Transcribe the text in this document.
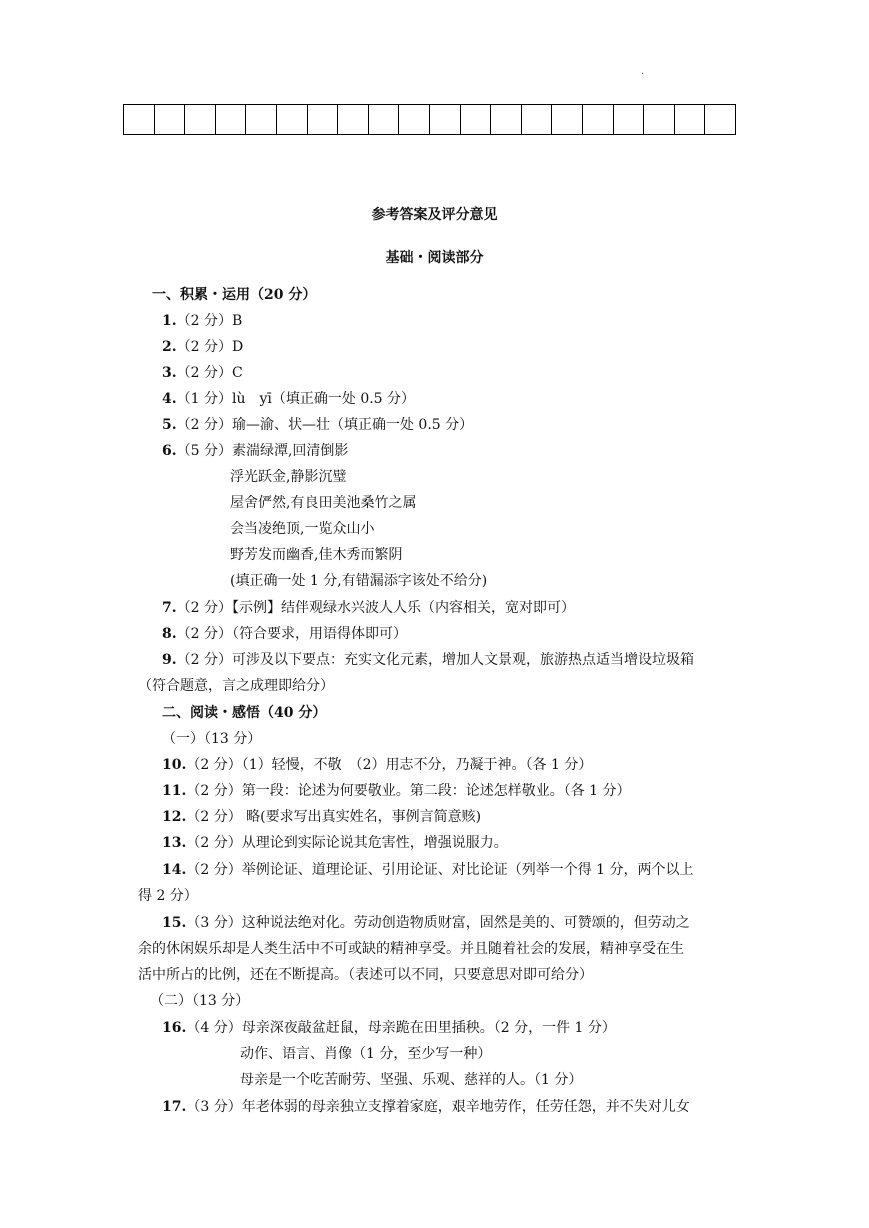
.
参考答案及评分意见
基础・阅读部分
一、积累・运用（20 分）
1.（2 分）B
2.（2 分）D
3.（2 分）C
4.（1 分）lù　yī（填正确一处 0.5 分）
5.（2 分）瑜—渝、状—壮（填正确一处 0.5 分）
6.（5 分）素湍绿潭,回清倒影
浮光跃金,静影沉璧
屋舍俨然,有良田美池桑竹之属
会当凌绝顶,一览众山小
野芳发而幽香,佳木秀而繁阴
(填正确一处 1 分,有错漏添字该处不给分)
7.（2 分）【示例】结伴观绿水兴波人人乐（内容相关，宽对即可）
8.（2 分）（符合要求，用语得体即可）
9.（2 分）可涉及以下要点：充实文化元素，增加人文景观，旅游热点适当增设垃圾箱
（符合题意，言之成理即给分）
二、阅读・感悟（40 分）
（一）（13 分）
10.（2 分）（1）轻慢，不敬　（2）用志不分，乃凝于神。（各 1 分）
11.（2 分）第一段：论述为何要敬业。第二段：论述怎样敬业。（各 1 分）
12.（2 分） 略(要求写出真实姓名，事例言简意赅)
13.（2 分）从理论到实际论说其危害性，增强说服力。
14.（2 分）举例论证、道理论证、引用论证、对比论证（列举一个得 1 分，两个以上
得 2 分）
15.（3 分）这种说法绝对化。劳动创造物质财富，固然是美的、可赞颂的，但劳动之
余的休闲娱乐却是人类生活中不可或缺的精神享受。并且随着社会的发展，精神享受在生
活中所占的比例，还在不断提高。（表述可以不同，只要意思对即可给分）
（二）（13 分）
16.（4 分）母亲深夜敲盆赶鼠，母亲跪在田里插秧。（2 分，一件 1 分）
动作、语言、肖像（1 分，至少写一种）
母亲是一个吃苦耐劳、坚强、乐观、慈祥的人。（1 分）
17.（3 分）年老体弱的母亲独立支撑着家庭，艰辛地劳作，任劳任怨，并不失对儿女
